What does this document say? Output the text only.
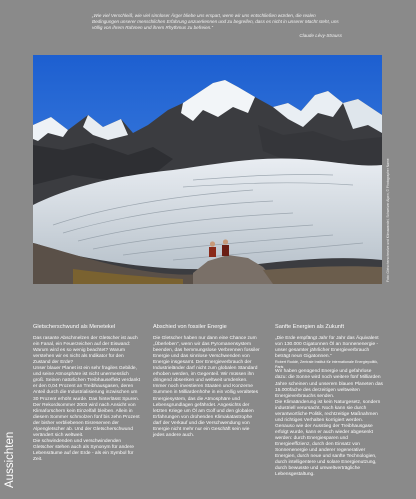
„Wie viel Verschleiß, wie viel sinnloser Ärger bliebe uns erspart, wenn wir uns entschließen würden, die realen Bedingungen unserer menschlichen Erfahrung anzuerkennen und zu begreifen, dass es nicht in unserer Macht steht, uns völlig von ihrem Rahmen und ihrem Rhythmus zu befreien.“
Claude Lévy-Strauss
Foto: Gletscherschmelze und Klimawandel, Schweizer Alpen, © Photographer Name
Gletscherschwund als Menetekel

Das rasante Abschmelzen der Gletscher ist auch ein Fanal, ein Feuerzeichen auf der Eiswand: Warum wird es so wenig beachtet? Warum verstehen wir es nicht als Indikator für den Zustand der Erde?

Unser blauer Planet ist ein sehr fragiles Gebilde, und seine Atmosphäre ist nicht unermesslich groß. Seinen natürlichen Treibhauseffekt verdankt er den 0,04 Prozent an Treibhausgasen, deren Anteil durch die Industrialisierung inzwischen um 30 Prozent erhöht wurde. Das hinterlässt Spuren. Der Rekordsommer 2003 wird nach Ansicht von Klimaforschern kein Einzelfall bleiben. Allein in diesem Sommer schmolzen fünf bis zehn Prozent der bisher verbliebenen Eisreserven der Alpengletscher ab. Und der Gletscherschwund verändert sich weltweit.

Die schwindenden und verschwindenden Gletscher stehen auch als Synonym für andere Lebensräume auf der Erde - als ein Symbol für Zeit.

Abschied von fossiler Energie

Die Gletscher haben nur dann eine Chance zum „Überleben“, wenn wir das Pyromanensystem beenden, das hemmungslose Verbrennen fossiler Energie und das sinnlose Verschwenden von Energie insgesamt. Der Energieverbrauch der Industrieländer darf nicht zum globalen Standard erhoben werden, im Gegenteil. Wir müssen ihn dringend absenken und weltweit umdenken. Immer noch investieren Staaten und Konzerne Summen in Milliardenhöhe in ein völlig veraltetes Energiesystem, das die Atmosphäre und Lebensgrundlagen gefährdet. Angesichts der letzten Kriege um Öl am Golf und den globalen Erfahrungen von drohenden Klimakatastrophe darf der Verkauf und die Verschwendung von Energie nicht mehr nur ein Geschäft sein wie jedes andere auch.

Sanfte Energien als Zukunft

„Die Erde empfängt Jahr für Jahr das Äquivalent von 130.000 Gigatonnen Öl an Sonnenenergie - unser gesamter jährlicher Energieverbrauch beträgt neun Gigatonnen.“

Robert Roddé, Zentrale Institut für internationale Energiepolitik, Paris

Wir haben genügend Energie und gefahrlose dazu: die Sonne wird noch weitere fünf Milliarden Jahre scheinen und unserem blauen Planeten das 15.000fache des derzeitigen weltweiten Energieverbrauchs senden.

Die Klimaänderung ist kein Naturgesetz, sondern industriell verursacht. Noch kann sie durch verantwortliche Politik, rechtzeitige Maßnahmen und richtiges Verhalten korrigiert werden. Genauso wie der Ausstieg der Treibhausgase erfolgt wurde, kann er auch wieder abgesenkt werden: durch Energiesparen und Energieeffizienz, durch den Einsatz von Sonnenenergie und anderer regenerativer Energien, durch neue und sanfte Technologien, durch intelligentere und solare Energienutzung, durch bewusste und umweltverträgliche Lebensgestaltung.

Aussichten
